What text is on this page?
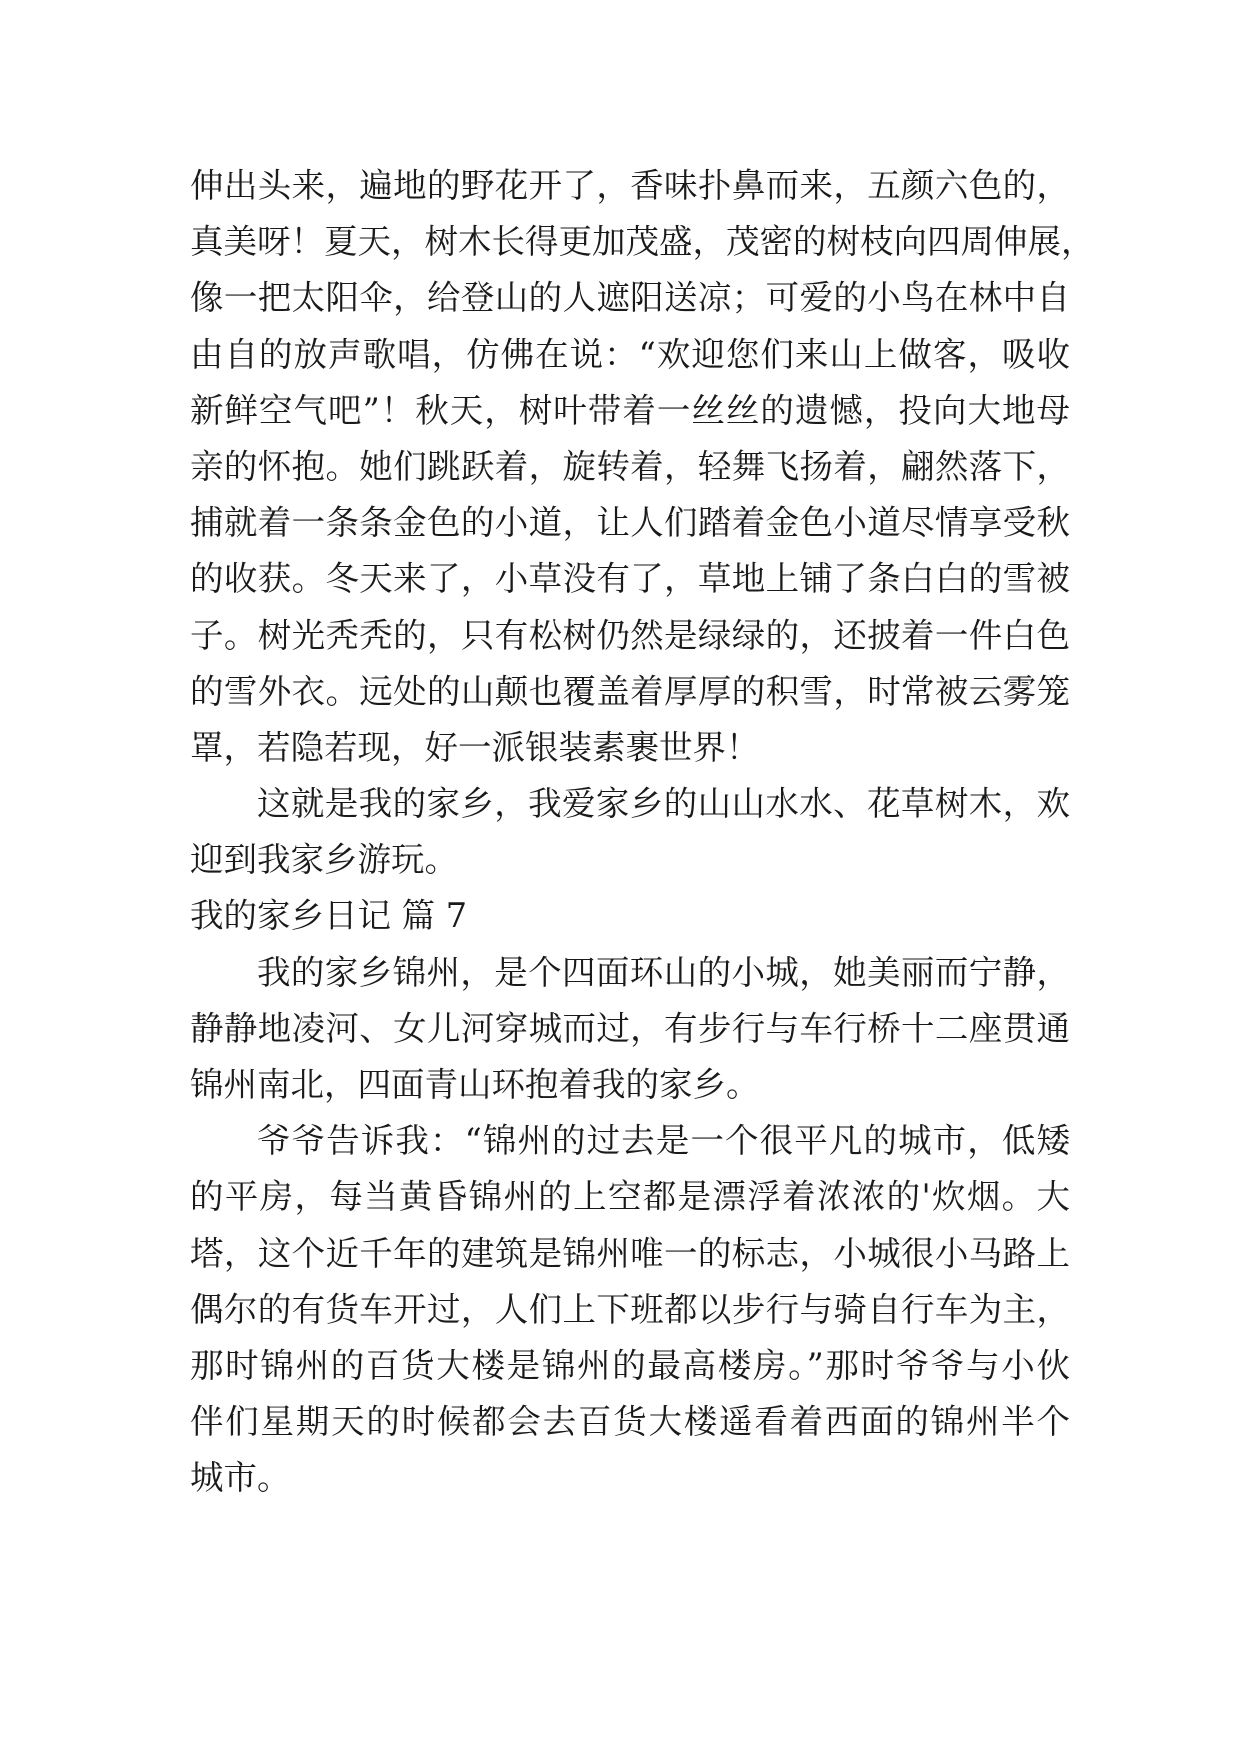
伸出头来，遍地的野花开了，香味扑鼻而来，五颜六色的，
真美呀！夏天，树木长得更加茂盛，茂密的树枝向四周伸展，
像一把太阳伞，给登山的人遮阳送凉；可爱的小鸟在林中自
由自的放声歌唱，仿佛在说：“欢迎您们来山上做客，吸收
新鲜空气吧”！秋天，树叶带着一丝丝的遗憾，投向大地母
亲的怀抱。她们跳跃着，旋转着，轻舞飞扬着，翩然落下，
捕就着一条条金色的小道，让人们踏着金色小道尽情享受秋
的收获。冬天来了，小草没有了，草地上铺了条白白的雪被
子。树光秃秃的，只有松树仍然是绿绿的，还披着一件白色
的雪外衣。远处的山颠也覆盖着厚厚的积雪，时常被云雾笼
罩，若隐若现，好一派银装素裹世界！
这就是我的家乡，我爱家乡的山山水水、花草树木，欢
迎到我家乡游玩。
我的家乡日记 篇 7
我的家乡锦州，是个四面环山的小城，她美丽而宁静，
静静地凌河、女儿河穿城而过，有步行与车行桥十二座贯通
锦州南北，四面青山环抱着我的家乡。
爷爷告诉我：“锦州的过去是一个很平凡的城市，低矮
的平房，每当黄昏锦州的上空都是漂浮着浓浓的'炊烟。大
塔，这个近千年的建筑是锦州唯一的标志，小城很小马路上
偶尔的有货车开过，人们上下班都以步行与骑自行车为主，
那时锦州的百货大楼是锦州的最高楼房。”那时爷爷与小伙
伴们星期天的时候都会去百货大楼遥看着西面的锦州半个
城市。
